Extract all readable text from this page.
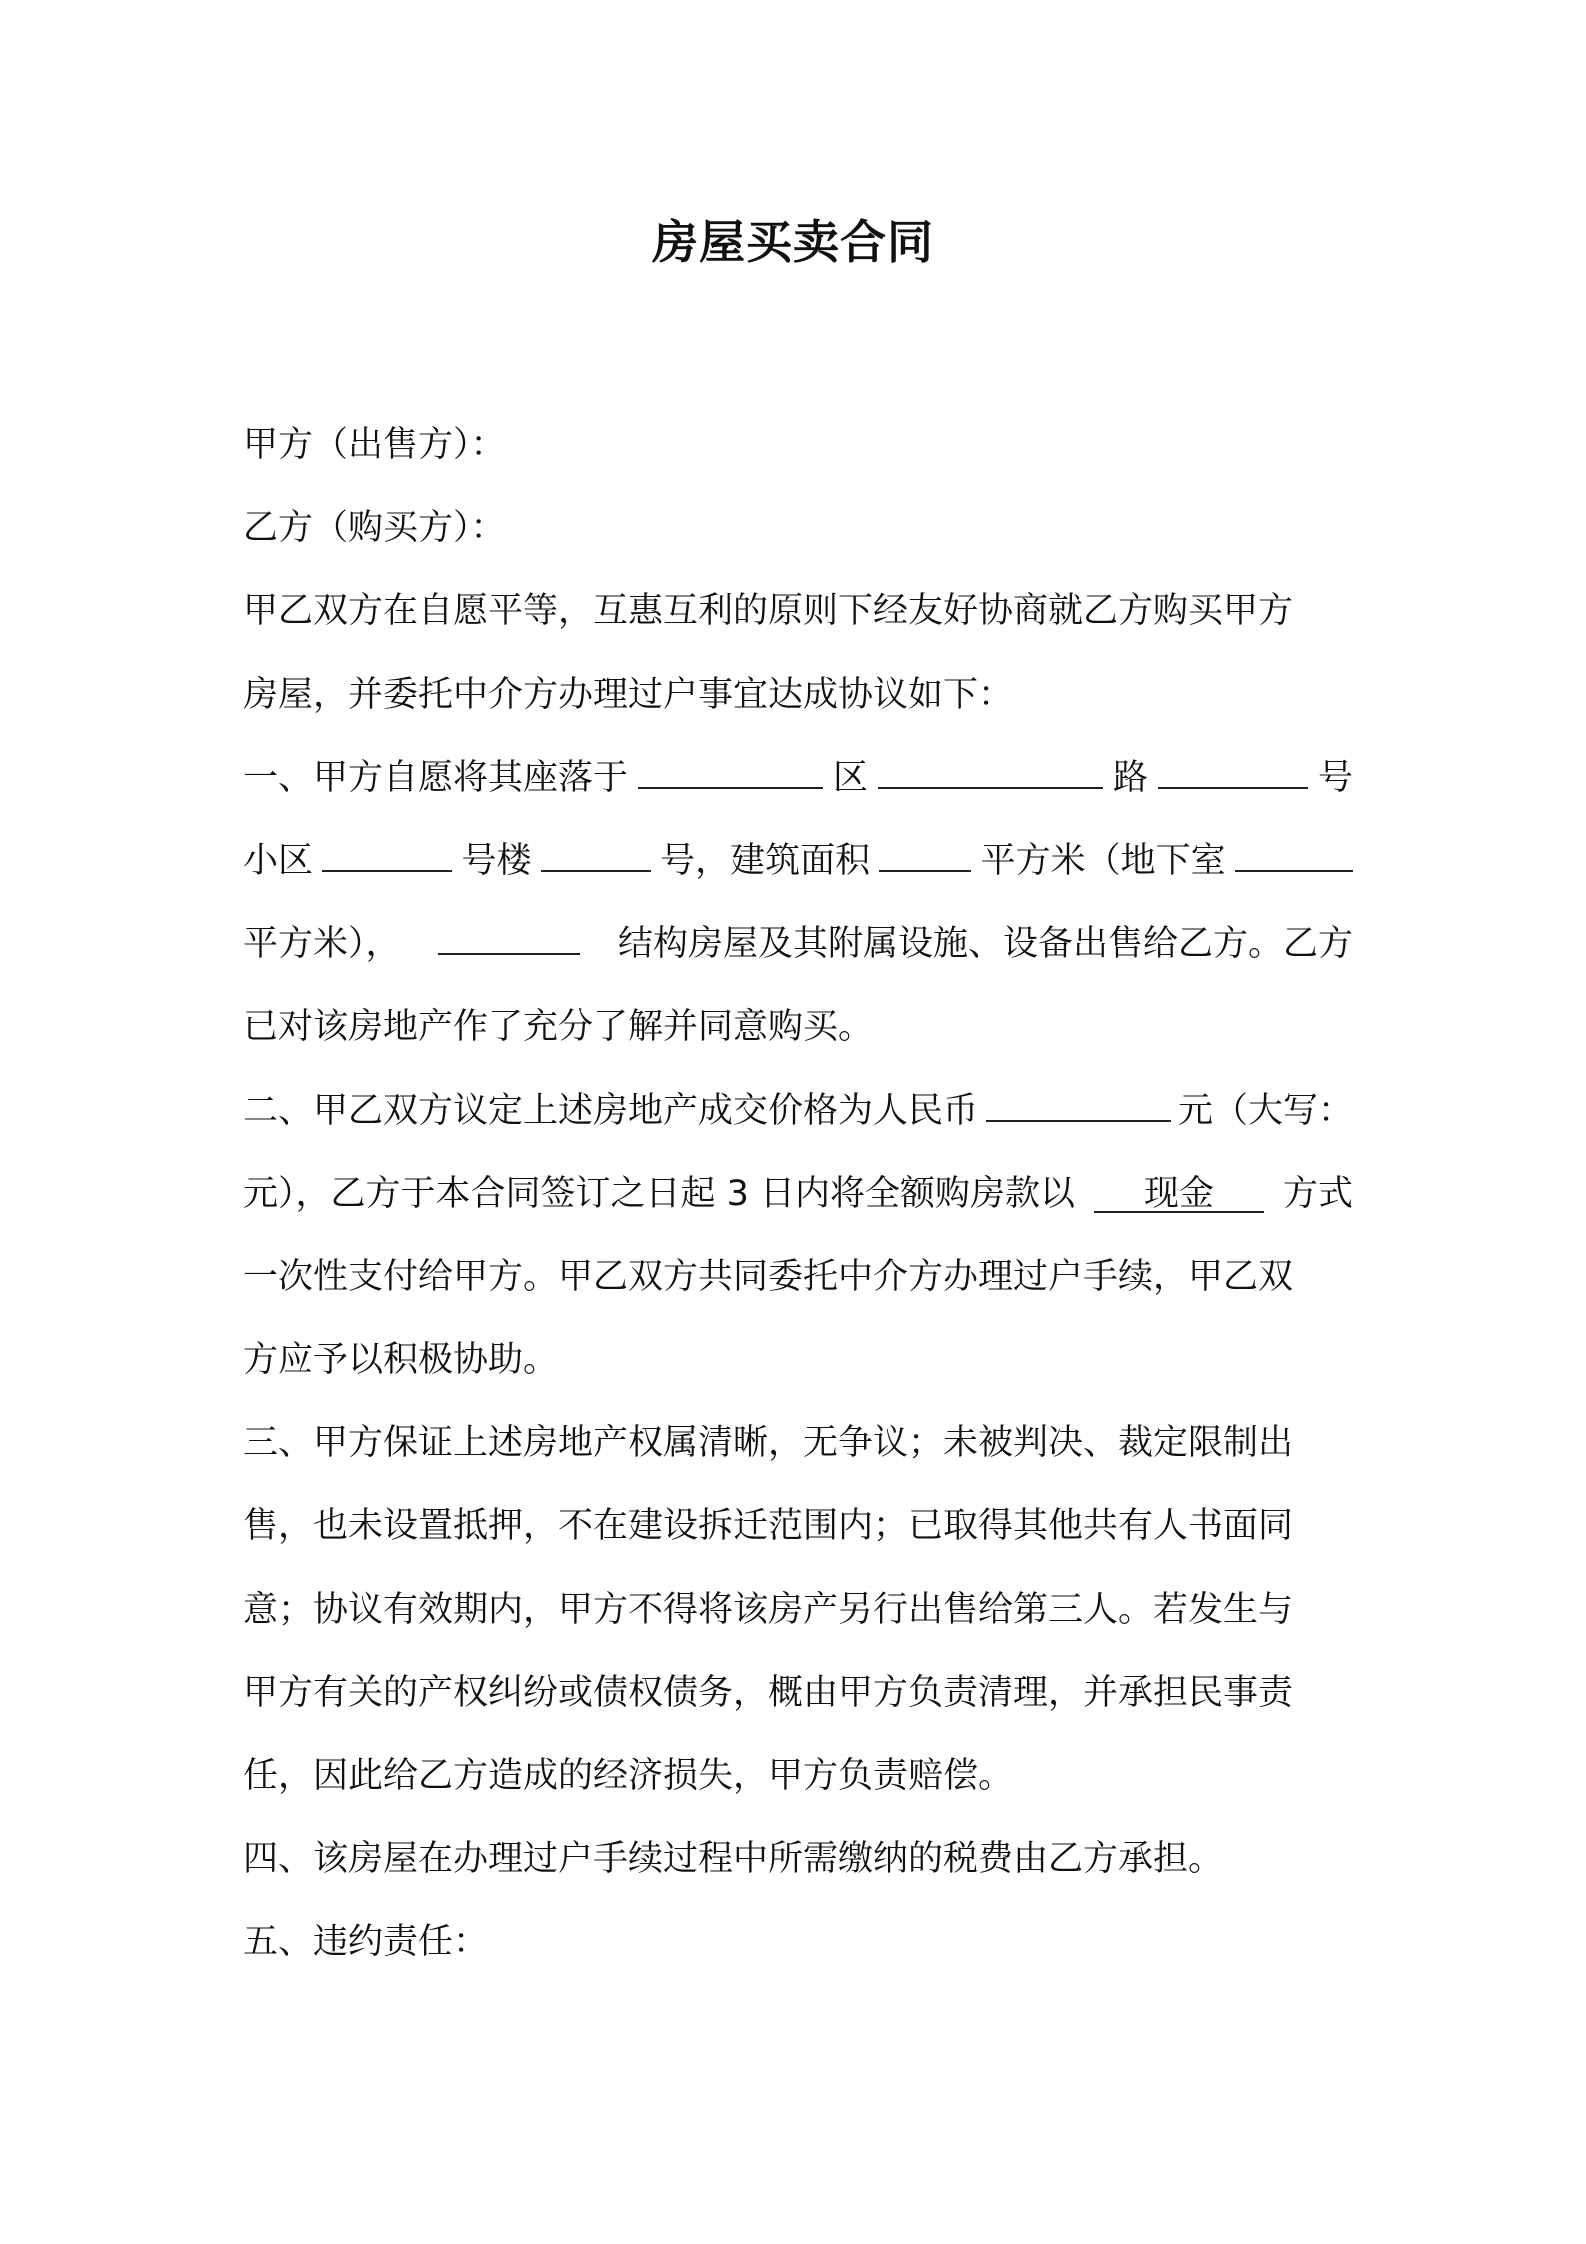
房屋买卖合同
甲方（出售方）：
乙方（购买方）：
甲乙双方在自愿平等，互惠互利的原则下经友好协商就乙方购买甲方
房屋，并委托中介方办理过户事宜达成协议如下：
一、甲方自愿将其座落于	区	路	号
小区	号楼	号，建筑面积	平方米（地下室
平方米），	结构房屋及其附属设施、设备出售给乙方。乙方
已对该房地产作了充分了解并同意购买。
二、甲乙双方议定上述房地产成交价格为人民币	元（大写：
元），乙方于本合同签订之日起 3 日内将全额购房款以	现金	方式
一次性支付给甲方。甲乙双方共同委托中介方办理过户手续，甲乙双
方应予以积极协助。
三、甲方保证上述房地产权属清晰，无争议；未被判决、裁定限制出
售，也未设置抵押，不在建设拆迁范围内；已取得其他共有人书面同
意；协议有效期内，甲方不得将该房产另行出售给第三人。若发生与
甲方有关的产权纠纷或债权债务，概由甲方负责清理，并承担民事责
任，因此给乙方造成的经济损失，甲方负责赔偿。
四、该房屋在办理过户手续过程中所需缴纳的税费由乙方承担。
五、违约责任：
